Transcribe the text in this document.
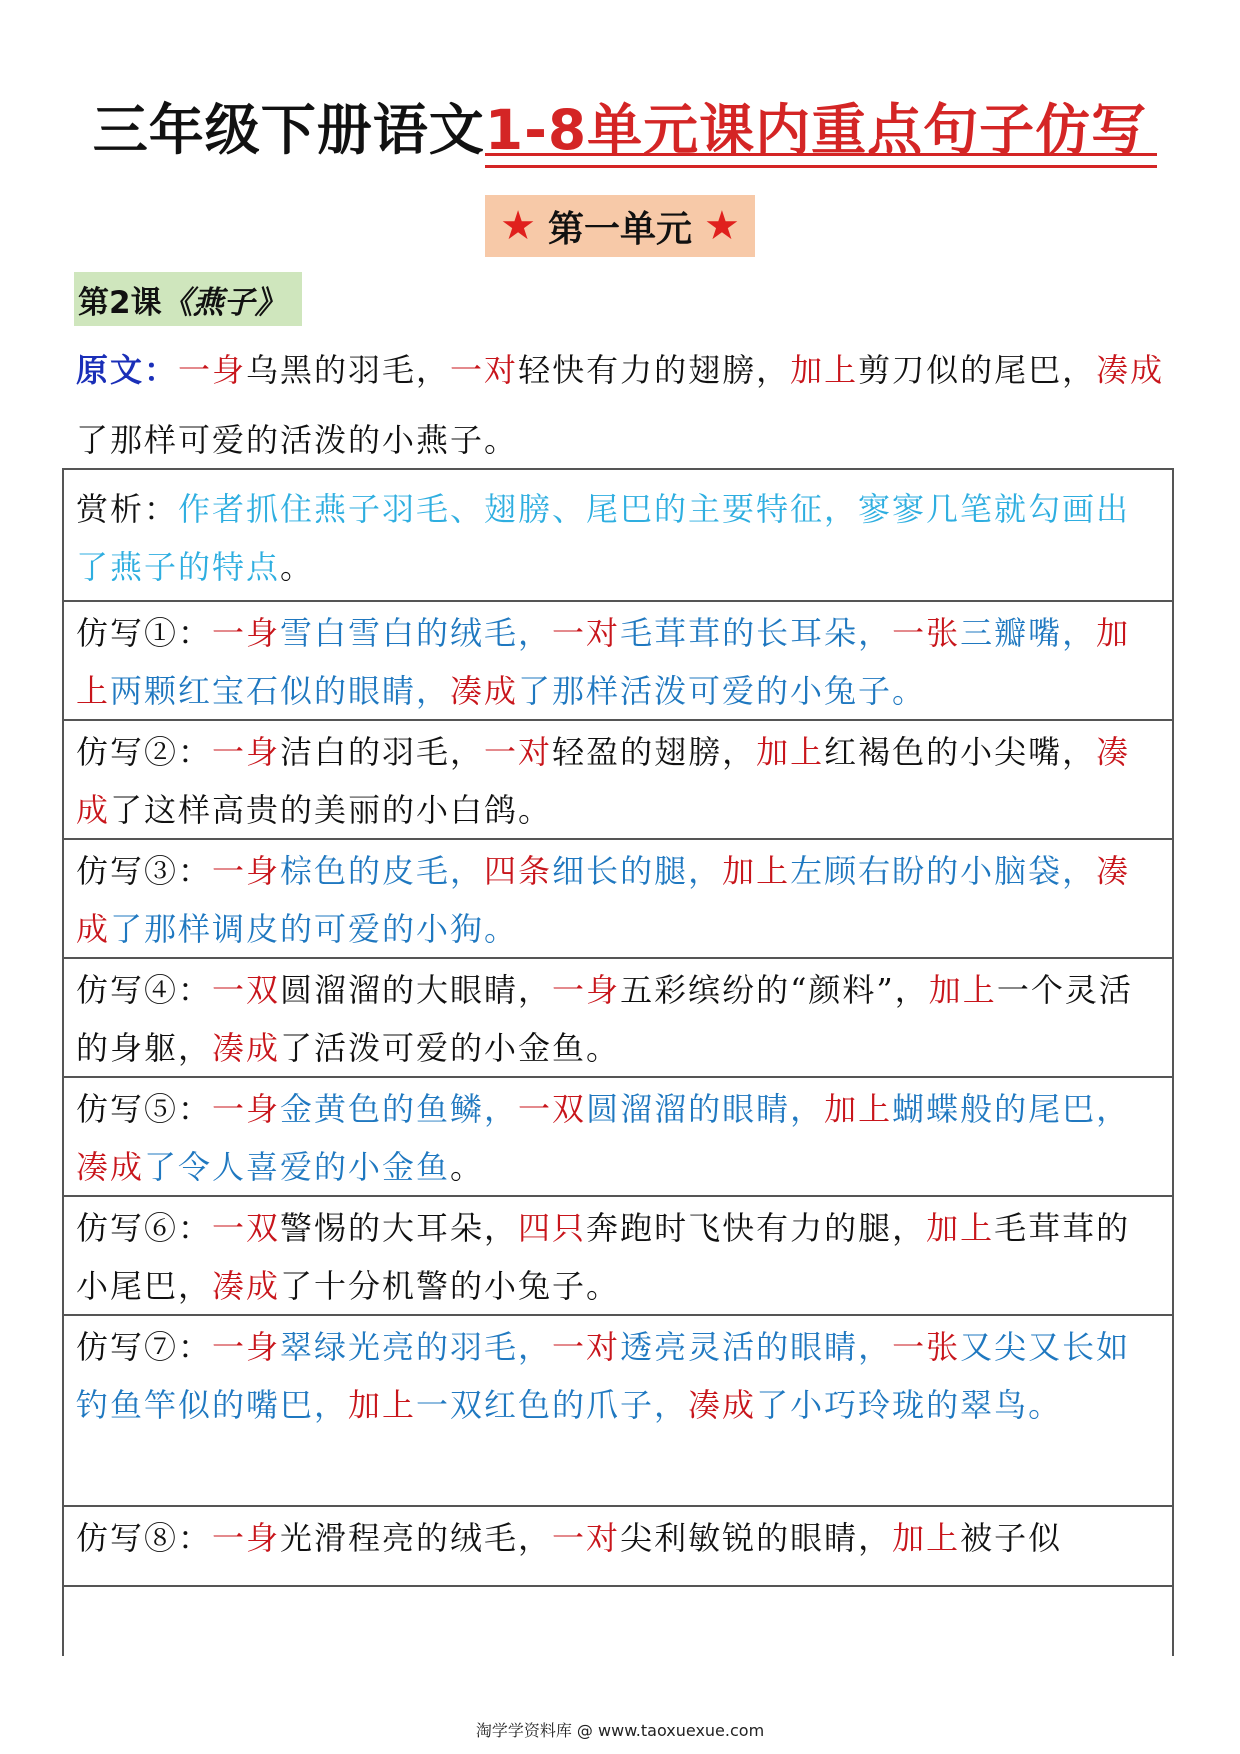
三年级下册语文1-8单元课内重点句子仿写
★ 第一单元 ★
第2课 《燕子》
原文：一身乌黑的羽毛，一对轻快有力的翅膀，加上剪刀似的尾巴，凑成了那样可爱的活泼的小燕子。
赏析：作者抓住燕子羽毛、翅膀、尾巴的主要特征，寥寥几笔就勾画出了燕子的特点。
仿写①：一身雪白雪白的绒毛，一对毛茸茸的长耳朵，一张三瓣嘴，加上两颗红宝石似的眼睛，凑成了那样活泼可爱的小兔子。
仿写②：一身洁白的羽毛，一对轻盈的翅膀，加上红褐色的小尖嘴，凑成了这样高贵的美丽的小白鸽。
仿写③：一身棕色的皮毛，四条细长的腿，加上左顾右盼的小脑袋，凑成了那样调皮的可爱的小狗。
仿写④：一双圆溜溜的大眼睛，一身五彩缤纷的“颜料”，加上一个灵活的身躯，凑成了活泼可爱的小金鱼。
仿写⑤：一身金黄色的鱼鳞，一双圆溜溜的眼睛，加上蝴蝶般的尾巴，凑成了令人喜爱的小金鱼。
仿写⑥：一双警惕的大耳朵，四只奔跑时飞快有力的腿，加上毛茸茸的小尾巴，凑成了十分机警的小兔子。
仿写⑦：一身翠绿光亮的羽毛，一对透亮灵活的眼睛，一张又尖又长如钓鱼竿似的嘴巴，加上一双红色的爪子，凑成了小巧玲珑的翠鸟。
仿写⑧：一身光滑程亮的绒毛，一对尖利敏锐的眼睛，加上被子似
淘学学资料库 @ www.taoxuexue.com
